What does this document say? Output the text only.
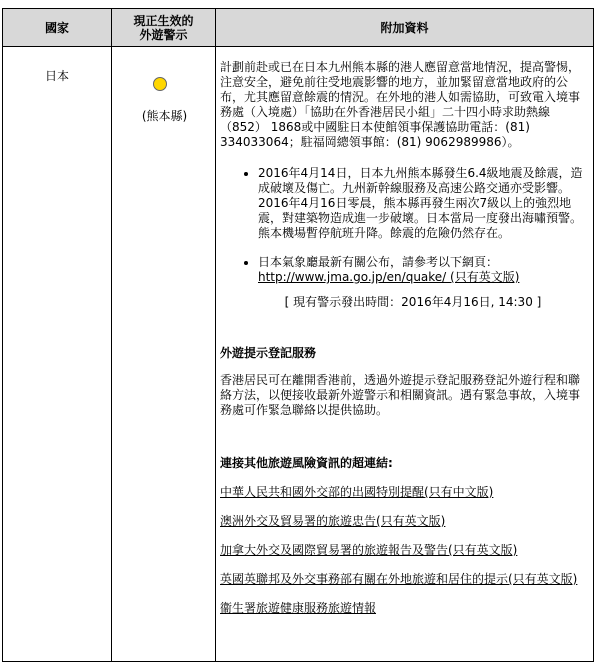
國家	現正生效的
外遊警示	附加資料
日本
(熊本縣)

計劃前赴或已在日本九州熊本縣的港人應留意當地情況，提高警惕，注意安全，避免前往受地震影響的地方，並加緊留意當地政府的公布，尤其應留意餘震的情況。在外地的港人如需協助，可致電入境事務處（入境處）「協助在外香港居民小組」二十四小時求助熱線（852） 1868或中國駐日本使館領事保護協助電話：(81) 334033064；駐福岡總領事館：(81) 9062989986）。

• 2016年4月14日，日本九州熊本縣發生6.4級地震及餘震，造成破壞及傷亡。九州新幹線服務及高速公路交通亦受影響。2016年4月16日零晨，熊本縣再發生兩次7級以上的強烈地震，對建築物造成進一步破壞。日本當局一度發出海嘯預警。熊本機場暫停航班升降。餘震的危險仍然存在。
• 日本氣象廳最新有關公布，請參考以下網頁：
http://www.jma.go.jp/en/quake/ (只有英文版)

[ 現有警示發出時間：2016年4月16日, 14:30 ]

外遊提示登記服務

香港居民可在離開香港前，透過外遊提示登記服務登記外遊行程和聯絡方法，以便接收最新外遊警示和相關資訊。遇有緊急事故，入境事務處可作緊急聯絡以提供協助。

連接其他旅遊風險資訊的超連結:

中華人民共和國外交部的出國特別提醒(只有中文版)

澳洲外交及貿易署的旅遊忠告(只有英文版)

加拿大外交及國際貿易署的旅遊報告及警告(只有英文版)

英國英聯邦及外交事務部有關在外地旅遊和居住的提示(只有英文版)

衞生署旅遊健康服務旅遊情報
